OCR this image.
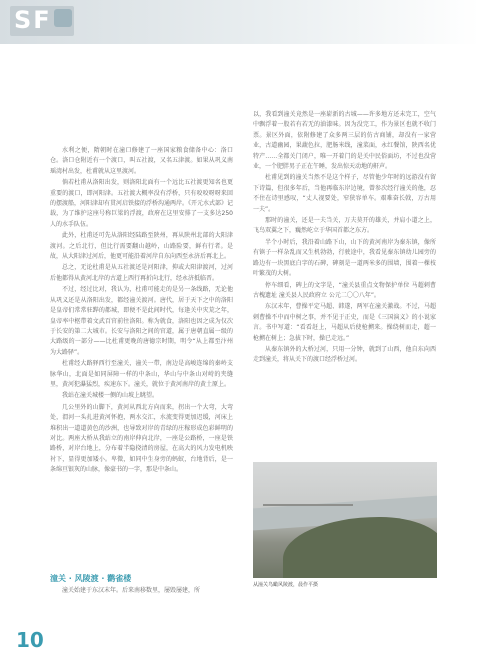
SF

水利之便，隋朝时在潼口修建了一座国家粮食储备中心：洛口仓。洛口仓附近有一个渡口，叫五社渡，又名五津渡。如果从巩义南瑶湾村出发，杜甫就从这里渡河。

倘若杜甫从洛阳出发，则洛阳北面有一个远比五社渡更知名也更重要的渡口，即河阳津。五社渡大概率没有浮桥，只有咬咬呀呀来回的摆渡船，河阳津却有贯河启铁接的浮桥沟通两岸。《开元水式部》记载，为了维护这座号称巨梁的浮渡，政府在这里安排了一支多达250人的水手队伍。

此外，杜甫还可先从洛阳经陆路至陕州，再从陕州北部的大阳津渡河。之后北行，但比行需要翻山越岭，山路险要，鲜有行者。是故，从大阳津过河后，他更可能沿着河岸自东向西至永济后再北上。

总之，无论杜甫是从五社渡还是河阳津，抑或大阳津渡河，过河后他都得从黄河北岸的古道上西行再折向北行，经永济抵临晋。

不过，经过比对，我认为，杜甫可能走的是另一条线路，无论他从巩义还是从洛阳出发，都经潼关渡河。唐代，居于天下之中的洛阳是皇帝们常常驻跸的都城，即便不是此间时代，每逢关中灾荒之年，皇帝率中枢带着文武百官前往洛阳。称为就食，洛阳也因之成为仅次于长安的第二大城市。长安与洛阳之间的官道，属于唐朝直属一级的大路级的一部分——比杜甫更晚的唐德宗时期，明令“从上都至汴州为大路驿”。

杜甫经大路驿西行至潼关，潼关一带，南边是高峻连绵的秦岭支脉华山，北面是如同屏障一样的中条山，华山与中条山对峙的夹缝里，黄河犯瀑猛烈，疾速东下。潼关，就位于黄河南岸的黄土原上。

我站在潼关城楼一侧的山坡上眺望。

几公里外的山脚下，黄河从西北方向而来，拐出一个大弯，大弯处，渭河一头扎进黄河怀抱，两水交汇，水流变得更加迟缓，河床上堆积出一道道黄色的沙洲，也导致对岸的青绿的庄稼形成色彩鲜明的对比。两座大桥从我站立的南岸伸向北岸，一座是公路桥，一座是铁路桥，对岸台地上，分布着半隐挠清的房屋，在高大的风力发电机映衬下，显得更加矮小。卑微，如同中生身旁的蚂蚁，台地背后，是一条绵亘银灰的山脉，像豪书的一字，那是中条山。

潼关 · 风陵渡 · 鹳雀楼
潼关始建于东汉末年。后来南移数里，屡毁屡建，所

以，我看到潼关竟然是一座崭新的古城——许多地方还未完工，空气中飘浮着一股若有若无的油漆味。因为没完工，作为景区也就不收门票。景区外面，依附修建了众多两三层的仿古商铺，却没有一家营业，古道幽园，果蔬色拉，肥肠米线，潼菜面，永红餐馆，陕西名优特产……全都关门闭户，唯一开着门的是关中民俗面坊，不过也没营业，一个肥胖男子正在午睡，发出惊天动地的鼾声。

杜甫见到的潼关当然不是这个样子，尽管他少年时的远游没有留下诗篇，但很多年后，当他再临东岸边境，曾参次经行潼关的他，忍不住在诗里感叹，“丈人视要处，窄狭容单车。艰难奋长戟，万古用一夫”。

那时的潼关，还是一夫当关，万夫莫开的雄关，并肩小道之上，飞鸟双翼之下，巍然屹立于华国首都之东方。

半个小时后，我沿着山路下山，山下的黄河南岸为秦东镇，像所有镇子一样杂乱而又生机勃勃，行驶途中，我看见秦东镇幼儿园旁的路边有一块黑底白字的石碑，碑刻是一道两米多的围墙，围着一棵枝叶繁茂的大树。

停车细看，碑上的文字是，“潼关县重点文物保护单位 马超刺曹古槐遗址 潼关县人民政府立 公元二〇〇八年”。

东汉末年，曹操平定马超、韩遂，两军在潼关激战。不过，马超刺曹操不中而中树之事，并不见于正史，而是《三国演义》的小说家言。书中写道：“看看赶上，马超从后使枪搠来。操绕树而走，超一枪搠在树上；急拔下时，操已走远。”

从秦东镇外的大桥过河，只用一分钟，就到了山西，他自东向西走到潼关，将从关下的渡口经浮桥过河。

从潼关鸟瞰风陵渡，晨作平摄
10
